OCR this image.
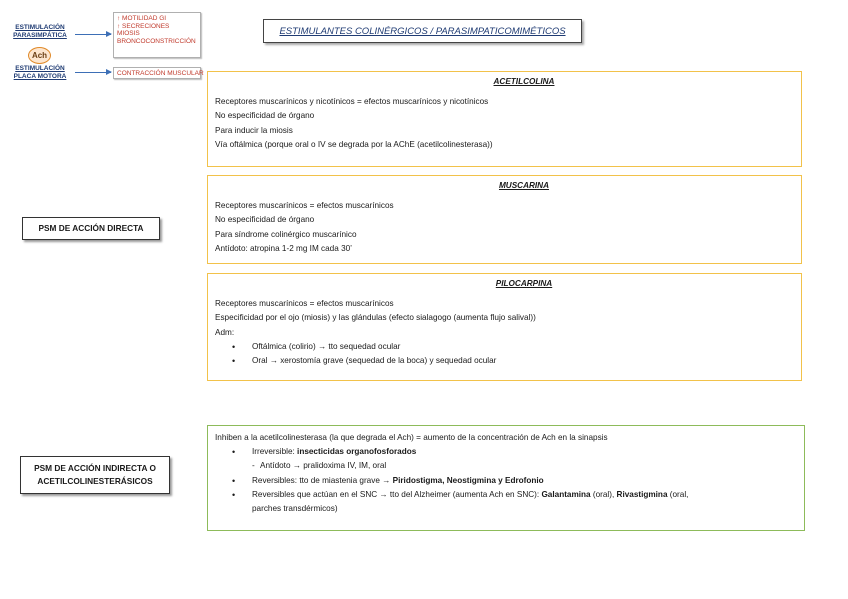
ESTIMULACIÓN PARASIMPÁTICA
↑ MOTILIDAD GI
↑ SECRECIONES
MIOSIS
BRONCOCONSTRICCIÓN
Ach
ESTIMULACIÓN PLACA MOTORA	CONTRACCIÓN MUSCULAR
ESTIMULANTES COLINÉRGICOS / PARASIMPATICOMIMÉTICOS
ACETILCOLINA
Receptores muscarínicos y nicotínicos = efectos muscarínicos y nicotínicos
No especificidad de órgano
Para inducir la miosis
Vía oftálmica (porque oral o IV se degrada por la AChE (acetilcolinesterasa))
MUSCARINA
Receptores muscarínicos = efectos muscarínicos
No especificidad de órgano
Para síndrome colinérgico muscarínico
Antídoto: atropina 1-2 mg IM cada 30’
PILOCARPINA
Receptores muscarínicos = efectos muscarínicos
Especificidad por el ojo (miosis) y las glándulas (efecto sialagogo (aumenta flujo salival))
Adm:
• Oftálmica (colirio) → tto sequedad ocular
• Oral → xerostomía grave (sequedad de la boca) y sequedad ocular
PSM DE ACCIÓN DIRECTA
PSM DE ACCIÓN INDIRECTA O ACETILCOLINESTERÁSICOS
Inhiben a la acetilcolinesterasa (la que degrada el Ach) = aumento de la concentración de Ach en la sinapsis
• Irreversible: insecticidas organofosforados
- Antídoto → pralidoxima IV, IM, oral
• Reversibles: tto de miastenia grave → Piridostigma, Neostigmina y Edrofonio
• Reversibles que actúan en el SNC → tto del Alzheimer (aumenta Ach en SNC): Galantamina (oral), Rivastigmina (oral,
parches transdérmicos)
